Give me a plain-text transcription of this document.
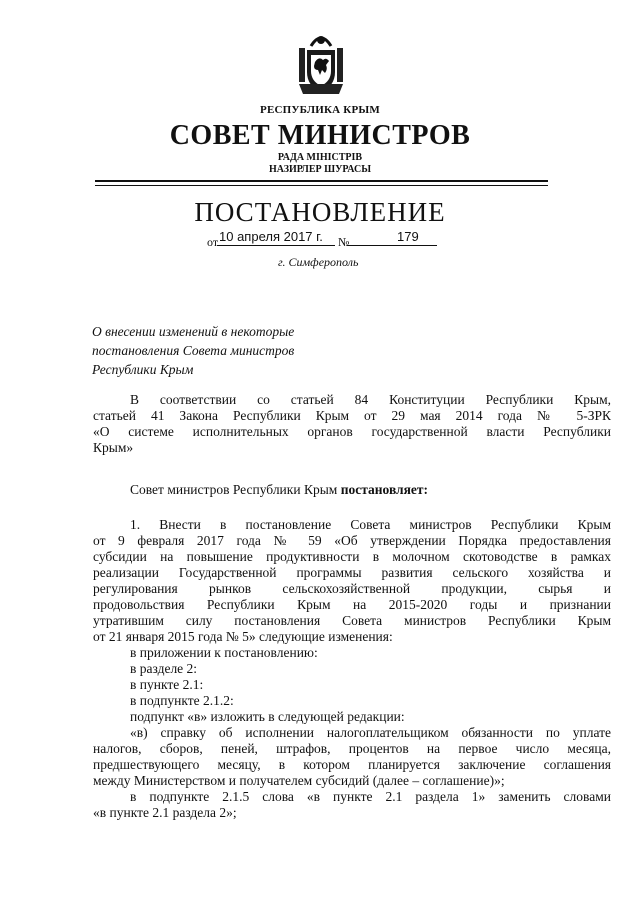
РЕСПУБЛИКА КРЫМ
СОВЕТ МИНИСТРОВ
РАДА МІНІСТРІВ
НАЗИРЛЕР ШУРАСЫ
ПОСТАНОВЛЕНИЕ
от 10 апреля 2017 г. №	179
г. Симферополь
О внесении изменений в некоторые
постановления Совета министров
Республики Крым
В соответствии со статьей 84 Конституции Республики Крым,
статьей 41 Закона Республики Крым от 29 мая 2014 года № 5-ЗРК
«О системе исполнительных органов государственной власти Республики
Крым»
Совет министров Республики Крым постановляет:
1. Внести в постановление Совета министров Республики Крым
от 9 февраля 2017 года № 59 «Об утверждении Порядка предоставления
субсидии на повышение продуктивности в молочном скотоводстве в рамках
реализации Государственной программы развития сельского хозяйства и
регулирования рынков сельскохозяйственной продукции, сырья и
продовольствия Республики Крым на 2015-2020 годы и признании
утратившим силу постановления Совета министров Республики Крым
от 21 января 2015 года № 5» следующие изменения:
в приложении к постановлению:
в разделе 2:
в пункте 2.1:
в подпункте 2.1.2:
подпункт «в» изложить в следующей редакции:
«в) справку об исполнении налогоплательщиком обязанности по уплате
налогов, сборов, пеней, штрафов, процентов на первое число месяца,
предшествующего месяцу, в котором планируется заключение соглашения
между Министерством и получателем субсидий (далее – соглашение)»;
в подпункте 2.1.5 слова «в пункте 2.1 раздела 1» заменить словами
«в пункте 2.1 раздела 2»;
